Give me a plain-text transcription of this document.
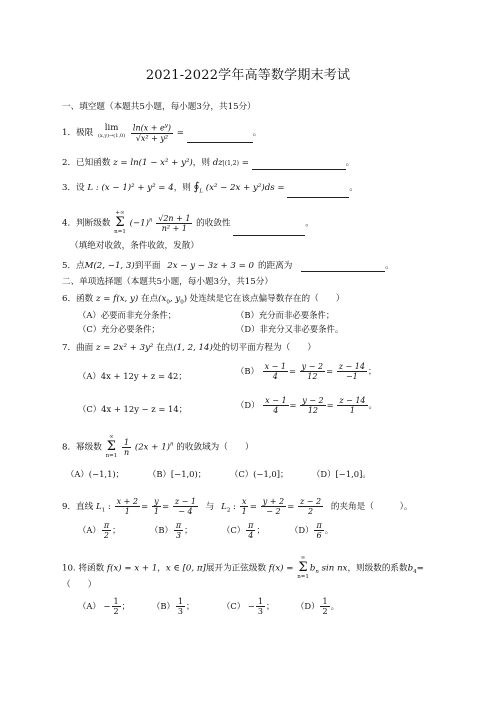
2021-2022学年高等数学期末考试
一、填空题（本题共5小题，每小题3分，共15分）
1．极限 lim
(x,y)→(1,0)
$\frac{\ln(x + e^y)}{\text{√x² + y²}}$ =	。
2．已知函数 z = ln(1 − x² + y²)，则 dz|(1,2) =	。
3．设 L : (x − 1)² + y² = 4，则 $∮_L$ (x² − 2x + y²)ds =	。
4．判断级数
+∞
Σ
n=1
$(-1)^n \frac{√2n + 1}{\text{n² + 1}}$ 的收敛性	。
（填绝对收敛，条件收敛，发散）
5．点M(2, −1, 3)到平面 2x − y − 3z + 3 = 0 的距离为	。
二、单项选择题（本题共5小题，每小题3分，共15分）
6．函数 z = f(x, y) 在点($x_0$, $y_0$) 处连续是它在该点偏导数存在的（　　）
（A）必要而非充分条件；	（B）充分而非必要条件；
（C）充分必要条件；	（D）非充分又非必要条件。
7．曲面 z = 2x² + 3y² 在点(1, 2, 14)处的切平面方程为（　　）
（A）4x + 12y + z = 42；	$(B) \frac{x - 1}{4} = \frac{y - 2}{12} = \frac{z - 14}{-1}$ ；
（C）4x + 12y − z = 14；	$(D) \frac{x - 1}{4} = \frac{y - 2}{12} = \frac{z - 14}{1}$ 。
8．幂级数
∞
Σ
n=1
$\frac{1}{n} (2x + 1)^n$ 的收敛域为（　　）
（A）(−1,1)；	（B）[−1,0)；	（C）(−1,0]；	（D）[−1,0]。
9．直线 $L_1$ : $\frac{x + 2}{1} = \frac{y}{1} = \frac{z - 1}{- 4}$ 与 $L_2$ : $\frac{x}{1} = \frac{y + 2}{- 2} = \frac{z - 2}{2}$ 的夹角是（　　　）。
$(A) \frac{\pi}{2}$ ；	$(B) \frac{\pi}{3}$ ；	$(C) \frac{\pi}{4}$ ；	$(D) \frac{\pi}{6}$ 。
10. 将函数 f(x) = x + 1，x ∈ [0, π]展开为正弦级数 f(x) =
∞
Σ
n=1
$b_n$ sin nx，则级数的系数$b_4=$
（　　）
$(A) - \frac{1}{2}$ ；	$(B) \frac{1}{3}$ ；	$(C) - \frac{1}{3}$ ；	$(D) \frac{1}{2}$ 。
